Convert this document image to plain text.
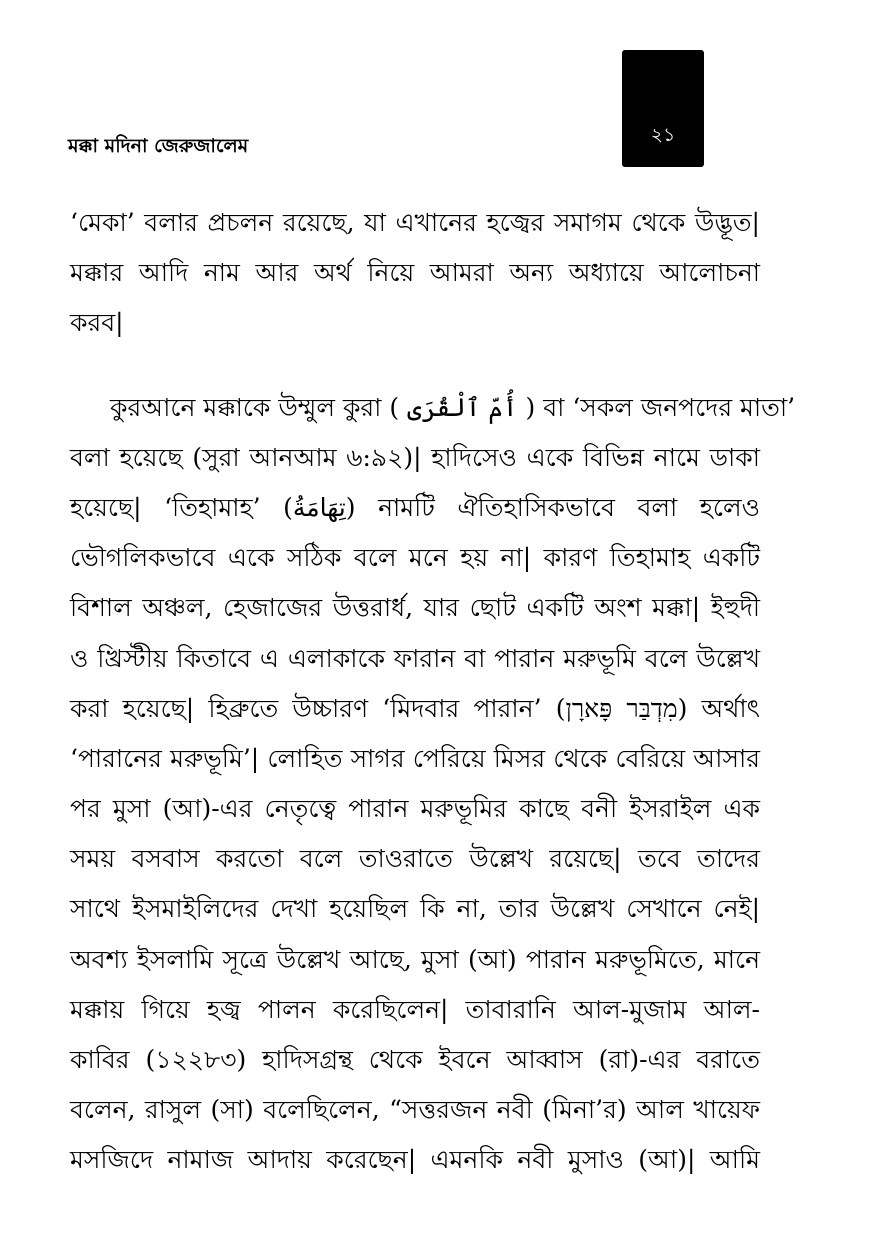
মক্কা মদিনা জেরুজালেম	২১
‘মেকা’ বলার প্রচলন রয়েছে, যা এখানের হজ্বের সমাগম থেকে উদ্ভূত|
মক্কার আদি নাম আর অর্থ নিয়ে আমরা অন্য অধ্যায়ে আলোচনা
করব|
কুরআনে মক্কাকে উম্মুল কুরা ( أُمّ ٱلْقُرَى ) বা ‘সকল জনপদের মাতা’
বলা হয়েছে (সুরা আনআম ৬:৯২)| হাদিসেও একে বিভিন্ন নামে ডাকা
হয়েছে| ‘তিহামাহ’ (تِهَامَةُ) নামটি ঐতিহাসিকভাবে বলা হলেও
ভৌগলিকভাবে একে সঠিক বলে মনে হয় না| কারণ তিহামাহ একটি
বিশাল অঞ্চল, হেজাজের উত্তরার্ধ, যার ছোট একটি অংশ মক্কা| ইহুদী
ও খ্রিস্টীয় কিতাবে এ এলাকাকে ফারান বা পারান মরুভূমি বলে উল্লেখ
করা হয়েছে| হিব্রুতে উচ্চারণ ‘মিদবার পারান’ (מִדְבַּר פָּארָן) অর্থাৎ
‘পারানের মরুভূমি’| লোহিত সাগর পেরিয়ে মিসর থেকে বেরিয়ে আসার
পর মুসা (আ)-এর নেতৃত্বে পারান মরুভূমির কাছে বনী ইসরাইল এক
সময় বসবাস করতো বলে তাওরাতে উল্লেখ রয়েছে| তবে তাদের
সাথে ইসমাইলিদের দেখা হয়েছিল কি না, তার উল্লেখ সেখানে নেই|
অবশ্য ইসলামি সূত্রে উল্লেখ আছে, মুসা (আ) পারান মরুভূমিতে, মানে
মক্কায় গিয়ে হজ্ব পালন করেছিলেন| তাবারানি আল-মুজাম আল-
কাবির (১২২৮৩) হাদিসগ্রন্থ থেকে ইবনে আব্বাস (রা)-এর বরাতে
বলেন, রাসুল (সা) বলেছিলেন, “সত্তরজন নবী (মিনা’র) আল খায়েফ
মসজিদে নামাজ আদায় করেছেন| এমনকি নবী মুসাও (আ)| আমি
